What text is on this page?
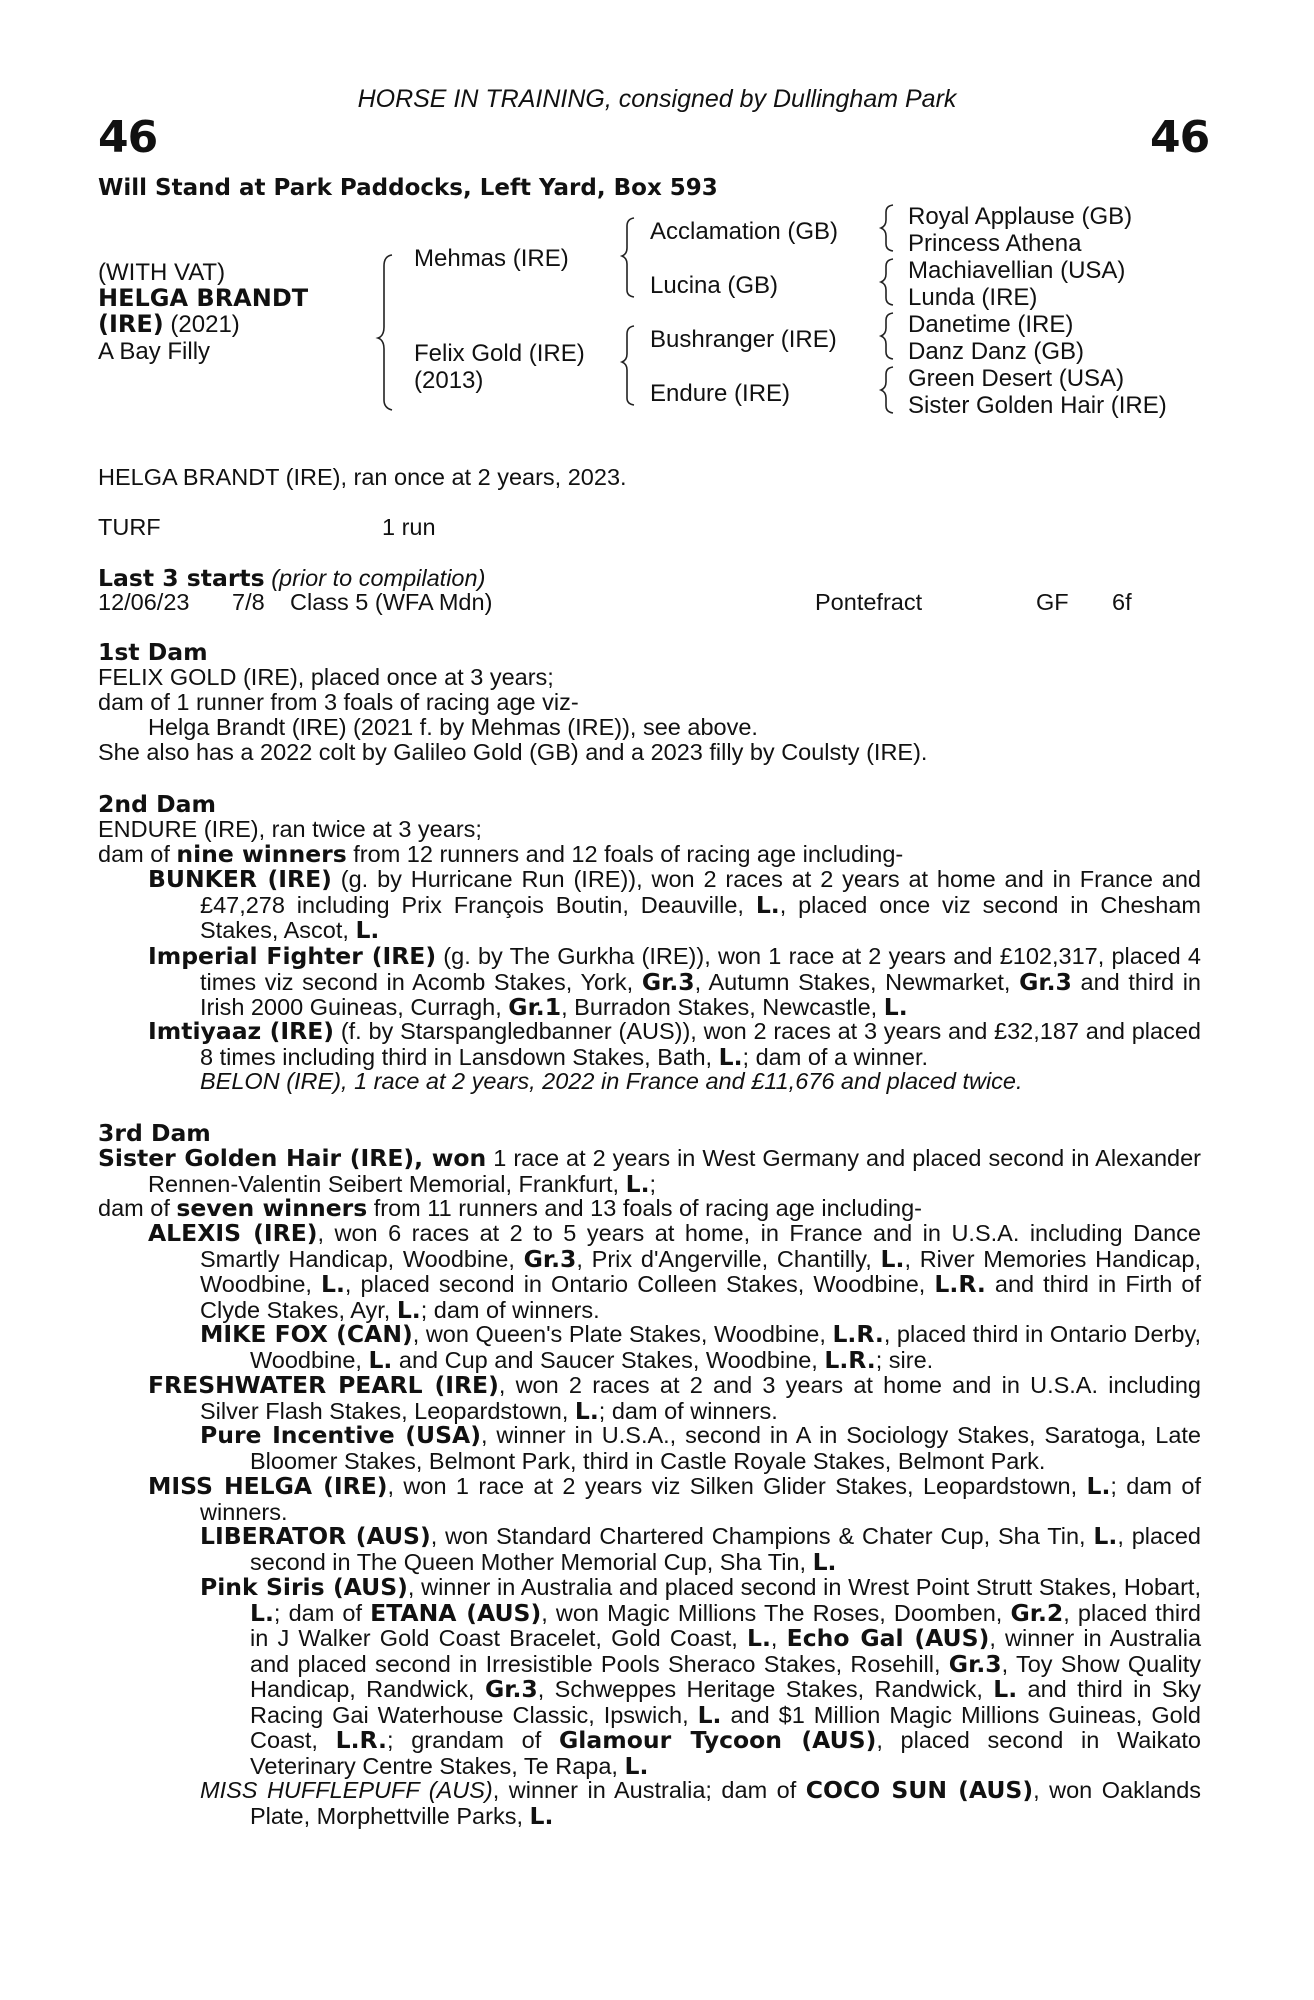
HORSE IN TRAINING, consigned by Dullingham Park
46	46
Will Stand at Park Paddocks, Left Yard, Box 593
(WITH VAT)
HELGA BRANDT
(IRE) (2021)
A Bay Filly
Mehmas (IRE)
Felix Gold (IRE)
(2013)
Acclamation (GB)
Lucina (GB)
Bushranger (IRE)
Endure (IRE)
Royal Applause (GB)
Princess Athena
Machiavellian (USA)
Lunda (IRE)
Danetime (IRE)
Danz Danz (GB)
Green Desert (USA)
Sister Golden Hair (IRE)
HELGA BRANDT (IRE), ran once at 2 years, 2023.
TURF	1 run
Last 3 starts (prior to compilation)
12/06/23 7/8 Class 5 (WFA Mdn)	Pontefract	GF 6f
1st Dam
FELIX GOLD (IRE), placed once at 3 years;
dam of 1 runner from 3 foals of racing age viz-
Helga Brandt (IRE) (2021 f. by Mehmas (IRE)), see above.
She also has a 2022 colt by Galileo Gold (GB) and a 2023 filly by Coulsty (IRE).
2nd Dam
ENDURE (IRE), ran twice at 3 years;
dam of nine winners from 12 runners and 12 foals of racing age including-
BUNKER (IRE) (g. by Hurricane Run (IRE)), won 2 races at 2 years at home and in France and £47,278 including Prix François Boutin, Deauville, L., placed once viz second in Chesham Stakes, Ascot, L.
Imperial Fighter (IRE) (g. by The Gurkha (IRE)), won 1 race at 2 years and £102,317, placed 4 times viz second in Acomb Stakes, York, Gr.3, Autumn Stakes, Newmarket, Gr.3 and third in Irish 2000 Guineas, Curragh, Gr.1, Burradon Stakes, Newcastle, L.
Imtiyaaz (IRE) (f. by Starspangledbanner (AUS)), won 2 races at 3 years and £32,187 and placed 8 times including third in Lansdown Stakes, Bath, L.; dam of a winner.
BELON (IRE), 1 race at 2 years, 2022 in France and £11,676 and placed twice.
3rd Dam
Sister Golden Hair (IRE), won 1 race at 2 years in West Germany and placed second in Alexander Rennen-Valentin Seibert Memorial, Frankfurt, L.;
dam of seven winners from 11 runners and 13 foals of racing age including-
ALEXIS (IRE), won 6 races at 2 to 5 years at home, in France and in U.S.A. including Dance Smartly Handicap, Woodbine, Gr.3, Prix d'Angerville, Chantilly, L., River Memories Handicap, Woodbine, L., placed second in Ontario Colleen Stakes, Woodbine, L.R. and third in Firth of Clyde Stakes, Ayr, L.; dam of winners.
MIKE FOX (CAN), won Queen's Plate Stakes, Woodbine, L.R., placed third in Ontario Derby, Woodbine, L. and Cup and Saucer Stakes, Woodbine, L.R.; sire.
FRESHWATER PEARL (IRE), won 2 races at 2 and 3 years at home and in U.S.A. including Silver Flash Stakes, Leopardstown, L.; dam of winners.
Pure Incentive (USA), winner in U.S.A., second in A in Sociology Stakes, Saratoga, Late Bloomer Stakes, Belmont Park, third in Castle Royale Stakes, Belmont Park.
MISS HELGA (IRE), won 1 race at 2 years viz Silken Glider Stakes, Leopardstown, L.; dam of winners.
LIBERATOR (AUS), won Standard Chartered Champions & Chater Cup, Sha Tin, L., placed second in The Queen Mother Memorial Cup, Sha Tin, L.
Pink Siris (AUS), winner in Australia and placed second in Wrest Point Strutt Stakes, Hobart, L.; dam of ETANA (AUS), won Magic Millions The Roses, Doomben, Gr.2, placed third in J Walker Gold Coast Bracelet, Gold Coast, L., Echo Gal (AUS), winner in Australia and placed second in Irresistible Pools Sheraco Stakes, Rosehill, Gr.3, Toy Show Quality Handicap, Randwick, Gr.3, Schweppes Heritage Stakes, Randwick, L. and third in Sky Racing Gai Waterhouse Classic, Ipswich, L. and $1 Million Magic Millions Guineas, Gold Coast, L.R.; grandam of Glamour Tycoon (AUS), placed second in Waikato Veterinary Centre Stakes, Te Rapa, L.
MISS HUFFLEPUFF (AUS), winner in Australia; dam of COCO SUN (AUS), won Oaklands Plate, Morphettville Parks, L.
